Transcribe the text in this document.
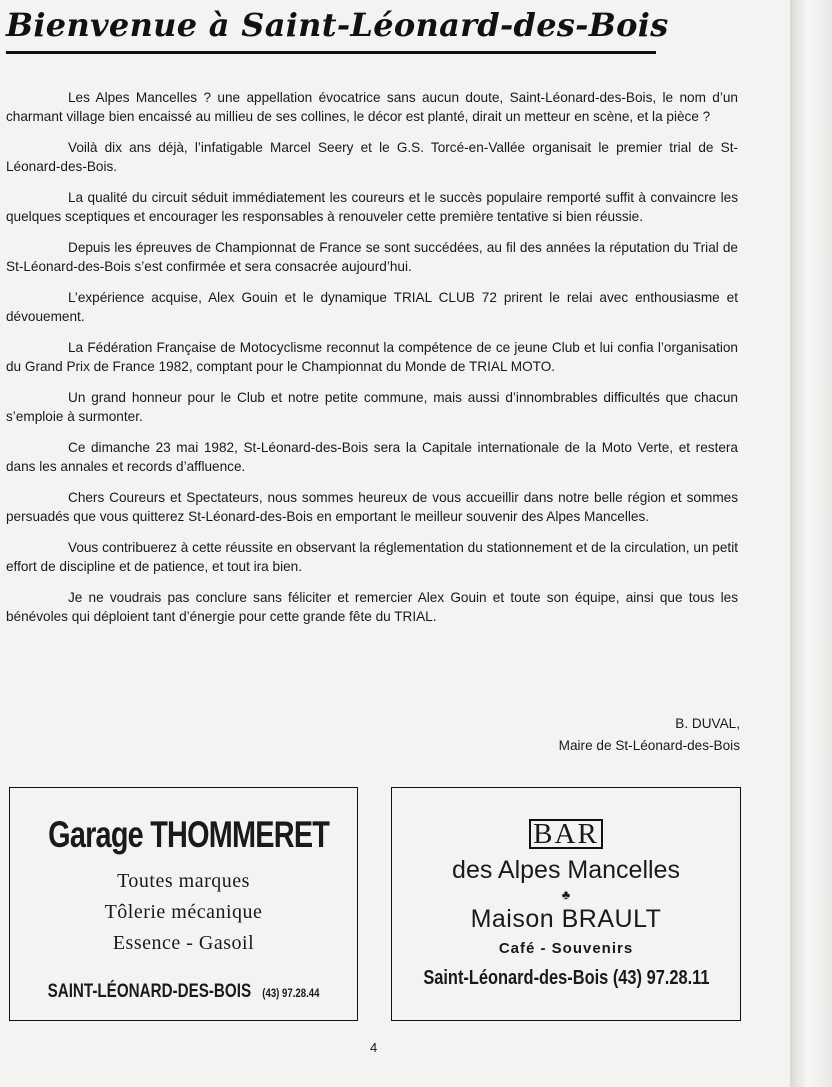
Bienvenue à Saint-Léonard-des-Bois

Les Alpes Mancelles ? une appellation évocatrice sans aucun doute, Saint-Léonard-des-Bois, le nom d’un charmant village bien encaissé au millieu de ses collines, le décor est planté, dirait un metteur en scène, et la pièce ?

Voilà dix ans déjà, l’infatigable Marcel Seery et le G.S. Torcé-en-Vallée organisait le premier trial de St-Léonard-des-Bois.

La qualité du circuit séduit immédiatement les coureurs et le succès populaire remporté suffit à convaincre les quelques sceptiques et encourager les responsables à renouveler cette première tentative si bien réussie.

Depuis les épreuves de Championnat de France se sont succédées, au fil des années la réputation du Trial de St-Léonard-des-Bois s’est confirmée et sera consacrée aujourd’hui.

L’expérience acquise, Alex Gouin et le dynamique TRIAL CLUB 72 prirent le relai avec enthousiasme et dévouement.

La Fédération Française de Motocyclisme reconnut la compétence de ce jeune Club et lui confia l’organisation du Grand Prix de France 1982, comptant pour le Championnat du Monde de TRIAL MOTO.

Un grand honneur pour le Club et notre petite commune, mais aussi d’innombrables difficultés que chacun s’emploie à surmonter.

Ce dimanche 23 mai 1982, St-Léonard-des-Bois sera la Capitale internationale de la Moto Verte, et restera dans les annales et records d’affluence.

Chers Coureurs et Spectateurs, nous sommes heureux de vous accueillir dans notre belle région et sommes persuadés que vous quitterez St-Léonard-des-Bois en emportant le meilleur souvenir des Alpes Mancelles.

Vous contribuerez à cette réussite en observant la réglementation du stationnement et de la circulation, un petit effort de discipline et de patience, et tout ira bien.

Je ne voudrais pas conclure sans féliciter et remercier Alex Gouin et toute son équipe, ainsi que tous les bénévoles qui déploient tant d’énergie pour cette grande fête du TRIAL.

B. DUVAL,
Maire de St-Léonard-des-Bois
Garage THOMMERET
Toutes marques
Tôlerie mécanique
Essence - Gasoil
SAINT-LÉONARD-DES-BOIS (43) 97.28.44
BAR
des Alpes Mancelles
♣
Maison BRAULT
Café - Souvenirs
Saint-Léonard-des-Bois (43) 97.28.11
4
